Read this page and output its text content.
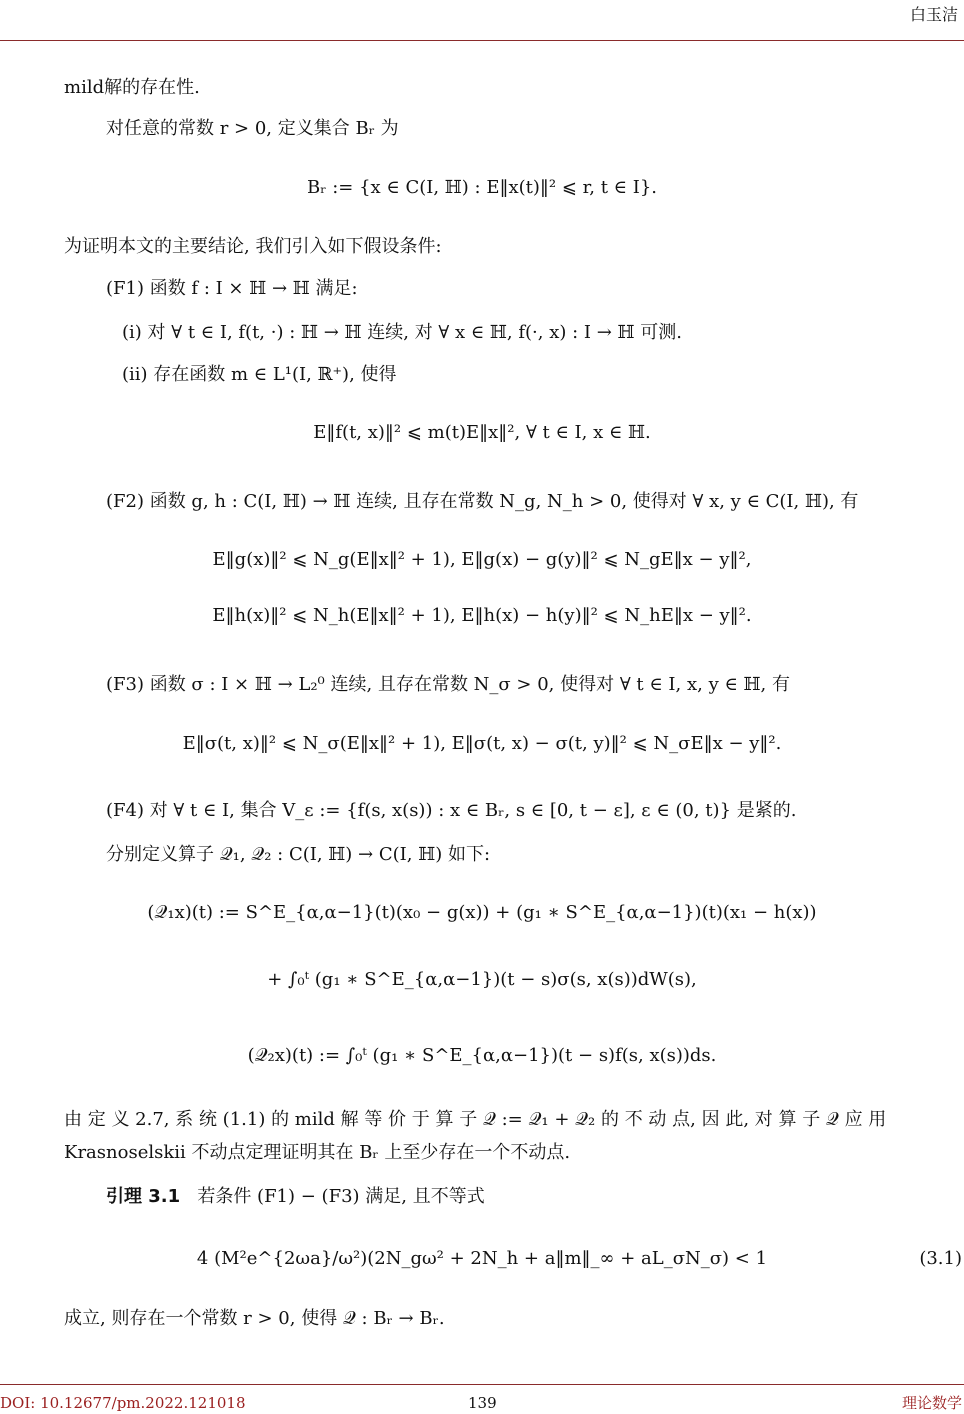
白玉洁
mild解的存在性.
对任意的常数 r > 0, 定义集合 Bᵣ 为
Bᵣ := {x ∈ C(I, ℍ) : E‖x(t)‖² ⩽ r, t ∈ I}.
为证明本文的主要结论, 我们引入如下假设条件:
(F1) 函数 f : I × ℍ → ℍ 满足:
(i) 对 ∀ t ∈ I, f(t, ·) : ℍ → ℍ 连续, 对 ∀ x ∈ ℍ, f(·, x) : I → ℍ 可测.
(ii) 存在函数 m ∈ L¹(I, ℝ⁺), 使得
E‖f(t, x)‖² ⩽ m(t)E‖x‖², ∀ t ∈ I, x ∈ ℍ.
(F2) 函数 g, h : C(I, ℍ) → ℍ 连续, 且存在常数 N_g, N_h > 0, 使得对 ∀ x, y ∈ C(I, ℍ), 有
E‖g(x)‖² ⩽ N_g(E‖x‖² + 1), E‖g(x) − g(y)‖² ⩽ N_gE‖x − y‖²,
E‖h(x)‖² ⩽ N_h(E‖x‖² + 1), E‖h(x) − h(y)‖² ⩽ N_hE‖x − y‖².
(F3) 函数 σ : I × ℍ → L₂⁰ 连续, 且存在常数 N_σ > 0, 使得对 ∀ t ∈ I, x, y ∈ ℍ, 有
E‖σ(t, x)‖² ⩽ N_σ(E‖x‖² + 1), E‖σ(t, x) − σ(t, y)‖² ⩽ N_σE‖x − y‖².
(F4) 对 ∀ t ∈ I, 集合 V_ε := {f(s, x(s)) : x ∈ Bᵣ, s ∈ [0, t − ε], ε ∈ (0, t)} 是紧的.
分别定义算子 𝒬₁, 𝒬₂ : C(I, ℍ) → C(I, ℍ) 如下:
(𝒬₁x)(t) := S^E_{α,α−1}(t)(x₀ − g(x)) + (g₁ ∗ S^E_{α,α−1})(t)(x₁ − h(x))
+ ∫₀ᵗ (g₁ ∗ S^E_{α,α−1})(t − s)σ(s, x(s))dW(s),
(𝒬₂x)(t) := ∫₀ᵗ (g₁ ∗ S^E_{α,α−1})(t − s)f(s, x(s))ds.
由 定 义 2.7, 系 统 (1.1) 的 mild 解 等 价 于 算 子 𝒬 := 𝒬₁ + 𝒬₂ 的 不 动 点, 因 此, 对 算 子 𝒬 应 用
Krasnoselskii 不动点定理证明其在 Bᵣ 上至少存在一个不动点.
引理 3.1 若条件 (F1) − (F3) 满足, 且不等式
4 (M²e^{2ωa}/ω²)(2N_gω² + 2N_h + a‖m‖_∞ + aL_σN_σ) < 1	(3.1)
成立, 则存在一个常数 r > 0, 使得 𝒬 : Bᵣ → Bᵣ.
DOI: 10.12677/pm.2022.121018	139	理论数学
